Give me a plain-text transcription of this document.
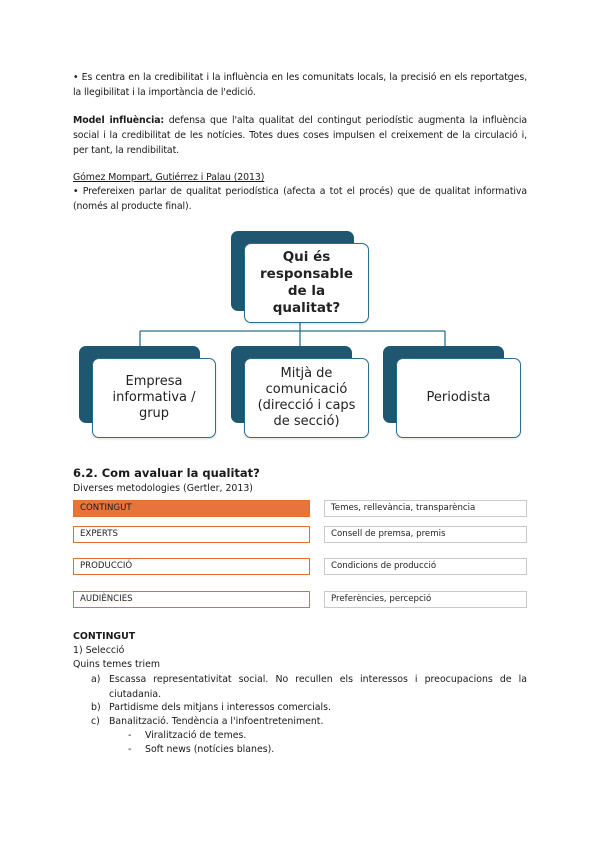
• Es centra en la credibilitat i la influència en les comunitats locals, la precisió en els reportatges, la llegibilitat i la importància de l'edició.
Model influència: defensa que l'alta qualitat del contingut periodístic augmenta la influència social i la credibilitat de les notícies. Totes dues coses impulsen el creixement de la circulació i, per tant, la rendibilitat.
Gómez Mompart, Gutiérrez i Palau (2013)
• Prefereixen parlar de qualitat periodística (afecta a tot el procés) que de qualitat informativa (només al producte final).
Qui és responsable de la qualitat?
Empresa informativa / grup
Mitjà de comunicació (direcció i caps de secció)
Periodista
6.2. Com avaluar la qualitat?
Diverses metodologies (Gertler, 2013)
CONTINGUT	Temes, rellevància, transparència
EXPERTS	Consell de premsa, premis
PRODUCCIÓ	Condicions de producció
AUDIÈNCIES	Preferències, percepció
CONTINGUT
1) Selecció
Quins temes triem
a) Escassa representativitat social. No recullen els interessos i preocupacions de la ciutadania.
b) Partidisme dels mitjans i interessos comercials.
c) Banalització. Tendència a l'infoentreteniment.
- Viralització de temes.
- Soft news (notícies blanes).
